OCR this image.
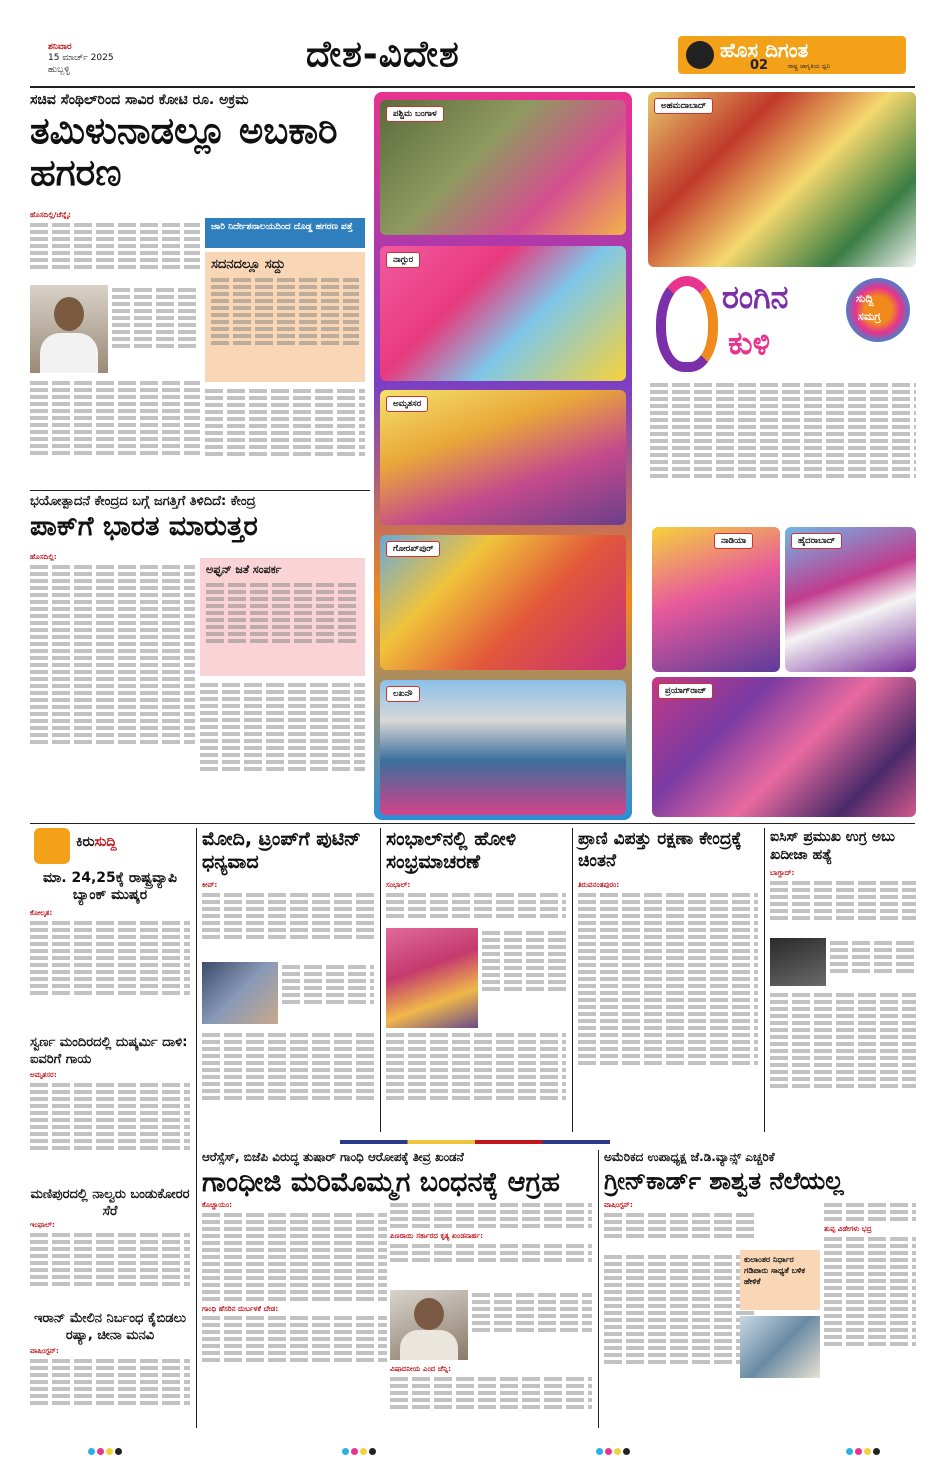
ಶನಿವಾರ
15 ಮಾರ್ಚ್ 2025
ಹುಬ್ಬಳ್ಳಿ	ದೇಶ-ವಿದೇಶ	ಹೊಸ ದಿಗಂತ
ರಾಷ್ಟ್ರ ಜಾಗೃತಿಯ ಧ್ವನಿ
02
ಸಚಿವ ಸೆಂಥಿಲ್‌ರಿಂದ ಸಾವಿರ ಕೋಟಿ ರೂ. ಅಕ್ರಮ
ತಮಿಳುನಾಡಲ್ಲೂ ಅಬಕಾರಿ ಹಗರಣ
ಹೊಸದಿಲ್ಲಿ/ಚೆನ್ನೈ:
ಜಾರಿ ನಿರ್ದೇಶನಾಲಯದಿಂದ ದೊಡ್ಡ ಹಗರಣ ಪತ್ತೆ
ಸದನದಲ್ಲೂ ಸದ್ದು
ಭಯೋತ್ಪಾದನೆ ಕೇಂದ್ರದ ಬಗ್ಗೆ ಜಗತ್ತಿಗೆ ತಿಳಿದಿದೆ: ಕೇಂದ್ರ
ಪಾಕ್‌ಗೆ ಭಾರತ ಮಾರುತ್ತರ
ಹೊಸದಿಲ್ಲಿ:
ಅಫ್ಘನ್ ಜತೆ ಸಂಪರ್ಕ
ಪಶ್ಚಿಮ ಬಂಗಾಳ
ನಾಗ್ಪುರ
ಅಮೃತಸರ
ಗೋರಖ್‌ಪುರ್
ಲಖನೌ
ಅಹಮದಾಬಾದ್
ರಂಗಿನ
ಕುಳಿ
ಸುದ್ದಿ
ಸಮಗ್ರ
ನಾಡಿಯಾ	ಹೈದರಾಬಾದ್
ಪ್ರಯಾಗ್‌ರಾಜ್
ಕಿರುಸುದ್ದಿ
ಮಾ. 24,25ಕ್ಕೆ ರಾಷ್ಟ್ರವ್ಯಾಪಿ ಬ್ಯಾಂಕ್ ಮುಷ್ಕರ
ಕೋಲ್ಕತ:
ಸ್ವರ್ಣ ಮಂದಿರದಲ್ಲಿ ದುಷ್ಕರ್ಮಿ ದಾಳಿ: ಐವರಿಗೆ ಗಾಯ
ಅಮೃತಸರ:
ಮಣಿಪುರದಲ್ಲಿ ನಾಲ್ವರು ಬಂಡುಕೋರರ ಸೆರೆ
ಇಂಫಾಲ್:
ಇರಾನ್ ಮೇಲಿನ ನಿರ್ಬಂಧ ಕೈಬಿಡಲು ರಷ್ಯಾ, ಚೀನಾ ಮನವಿ
ವಾಷಿಂಗ್ಟನ್:
ಮೋದಿ, ಟ್ರಂಪ್‌ಗೆ ಪುಟಿನ್ ಧನ್ಯವಾದ
ಕೀವ್:
ಸಂಭಾಲ್‌ನಲ್ಲಿ ಹೋಳಿ ಸಂಭ್ರಮಾಚರಣೆ
ಸಂಭಾಲ್:
ಪ್ರಾಣಿ ವಿಪತ್ತು ರಕ್ಷಣಾ ಕೇಂದ್ರಕ್ಕೆ ಚಿಂತನೆ
ತಿರುವನಂತಪುರಂ:
ಐಸಿಸ್ ಪ್ರಮುಖ ಉಗ್ರ ಅಬು ಖದೀಜಾ ಹತ್ಯೆ
ಬಾಗ್ದಾದ್:
ಆರೆಸ್ಸೆಸ್, ಬಿಜೆಪಿ ವಿರುದ್ಧ ತುಷಾರ್ ಗಾಂಧಿ ಆರೋಪಕ್ಕೆ ತೀವ್ರ ಖಂಡನೆ
ಗಾಂಧೀಜಿ ಮರಿಮೊಮ್ಮಗ ಬಂಧನಕ್ಕೆ ಆಗ್ರಹ
ಕೊಚ್ಚಾಯಂ:
ಗಾಂಧಿ ಹೆಸರಿನ ದುರ್ಬಳಕೆ ಬೇಡ:
ಪಿಣರಾಯಿ ಸರ್ಕಾರದ ಕೃತ್ಯ ಖಂಡನಾರ್ಹ:
ವಿಷಾದನೀಯ ಎಂದ ಚೆನ್ನಿ:
ಅಮೆರಿಕದ ಉಪಾಧ್ಯಕ್ಷ ಜೆ.ಡಿ.ವ್ಯಾನ್ಸ್ ಎಚ್ಚರಿಕೆ
ಗ್ರೀನ್‌ಕಾರ್ಡ್ ಶಾಶ್ವತ ನೆಲೆಯಲ್ಲ
ವಾಷಿಂಗ್ಟನ್:
ಕುಲಾಂತರ ನಿರ್ಧಾರ ಗಡಿಪಾರು ಸಾಧ್ಯತೆ ಬಳಿಕ ಹೇಳಿಕೆ
ತುಪ್ಪ ವಿಡೇಗಳು ಭದ್ರ
